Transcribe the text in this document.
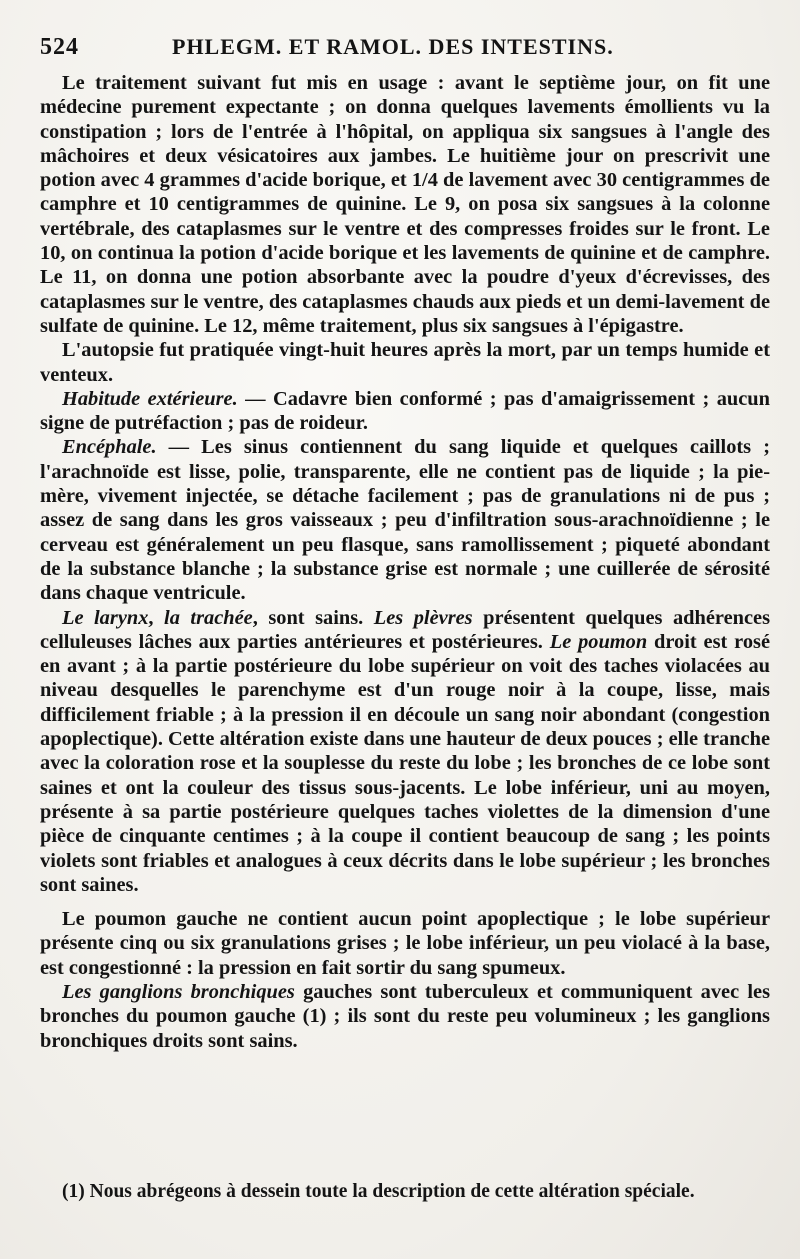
524	PHLEGM. ET RAMOL. DES INTESTINS.

Le traitement suivant fut mis en usage : avant le septième jour, on fit une médecine purement expectante ; on donna quelques lavements émollients vu la constipation ; lors de l'entrée à l'hôpital, on appliqua six sangsues à l'angle des mâchoires et deux vésicatoires aux jambes. Le huitième jour on prescrivit une potion avec 4 grammes d'acide borique, et 1/4 de lavement avec 30 centigrammes de camphre et 10 centigrammes de quinine. Le 9, on posa six sangsues à la colonne vertébrale, des cataplasmes sur le ventre et des compresses froides sur le front. Le 10, on continua la potion d'acide borique et les lavements de quinine et de camphre. Le 11, on donna une potion absorbante avec la poudre d'yeux d'écrevisses, des cataplasmes sur le ventre, des cataplasmes chauds aux pieds et un demi-lavement de sulfate de quinine. Le 12, même traitement, plus six sangsues à l'épigastre.

L'autopsie fut pratiquée vingt-huit heures après la mort, par un temps humide et venteux.

Habitude extérieure. — Cadavre bien conformé ; pas d'amaigrissement ; aucun signe de putréfaction ; pas de roideur.

Encéphale. — Les sinus contiennent du sang liquide et quelques caillots ; l'arachnoïde est lisse, polie, transparente, elle ne contient pas de liquide ; la pie-mère, vivement injectée, se détache facilement ; pas de granulations ni de pus ; assez de sang dans les gros vaisseaux ; peu d'infiltration sous-arachnoïdienne ; le cerveau est généralement un peu flasque, sans ramollissement ; piqueté abondant de la substance blanche ; la substance grise est normale ; une cuillerée de sérosité dans chaque ventricule.

Le larynx, la trachée, sont sains. Les plèvres présentent quelques adhérences celluleuses lâches aux parties antérieures et postérieures. Le poumon droit est rosé en avant ; à la partie postérieure du lobe supérieur on voit des taches violacées au niveau desquelles le parenchyme est d'un rouge noir à la coupe, lisse, mais difficilement friable ; à la pression il en découle un sang noir abondant (congestion apoplectique). Cette altération existe dans une hauteur de deux pouces ; elle tranche avec la coloration rose et la souplesse du reste du lobe ; les bronches de ce lobe sont saines et ont la couleur des tissus sous-jacents. Le lobe inférieur, uni au moyen, présente à sa partie postérieure quelques taches violettes de la dimension d'une pièce de cinquante centimes ; à la coupe il contient beaucoup de sang ; les points violets sont friables et analogues à ceux décrits dans le lobe supérieur ; les bronches sont saines.

Le poumon gauche ne contient aucun point apoplectique ; le lobe supérieur présente cinq ou six granulations grises ; le lobe inférieur, un peu violacé à la base, est congestionné : la pression en fait sortir du sang spumeux.

Les ganglions bronchiques gauches sont tuberculeux et communiquent avec les bronches du poumon gauche (1) ; ils sont du reste peu volumineux ; les ganglions bronchiques droits sont sains.

(1) Nous abrégeons à dessein toute la description de cette altération spéciale.
